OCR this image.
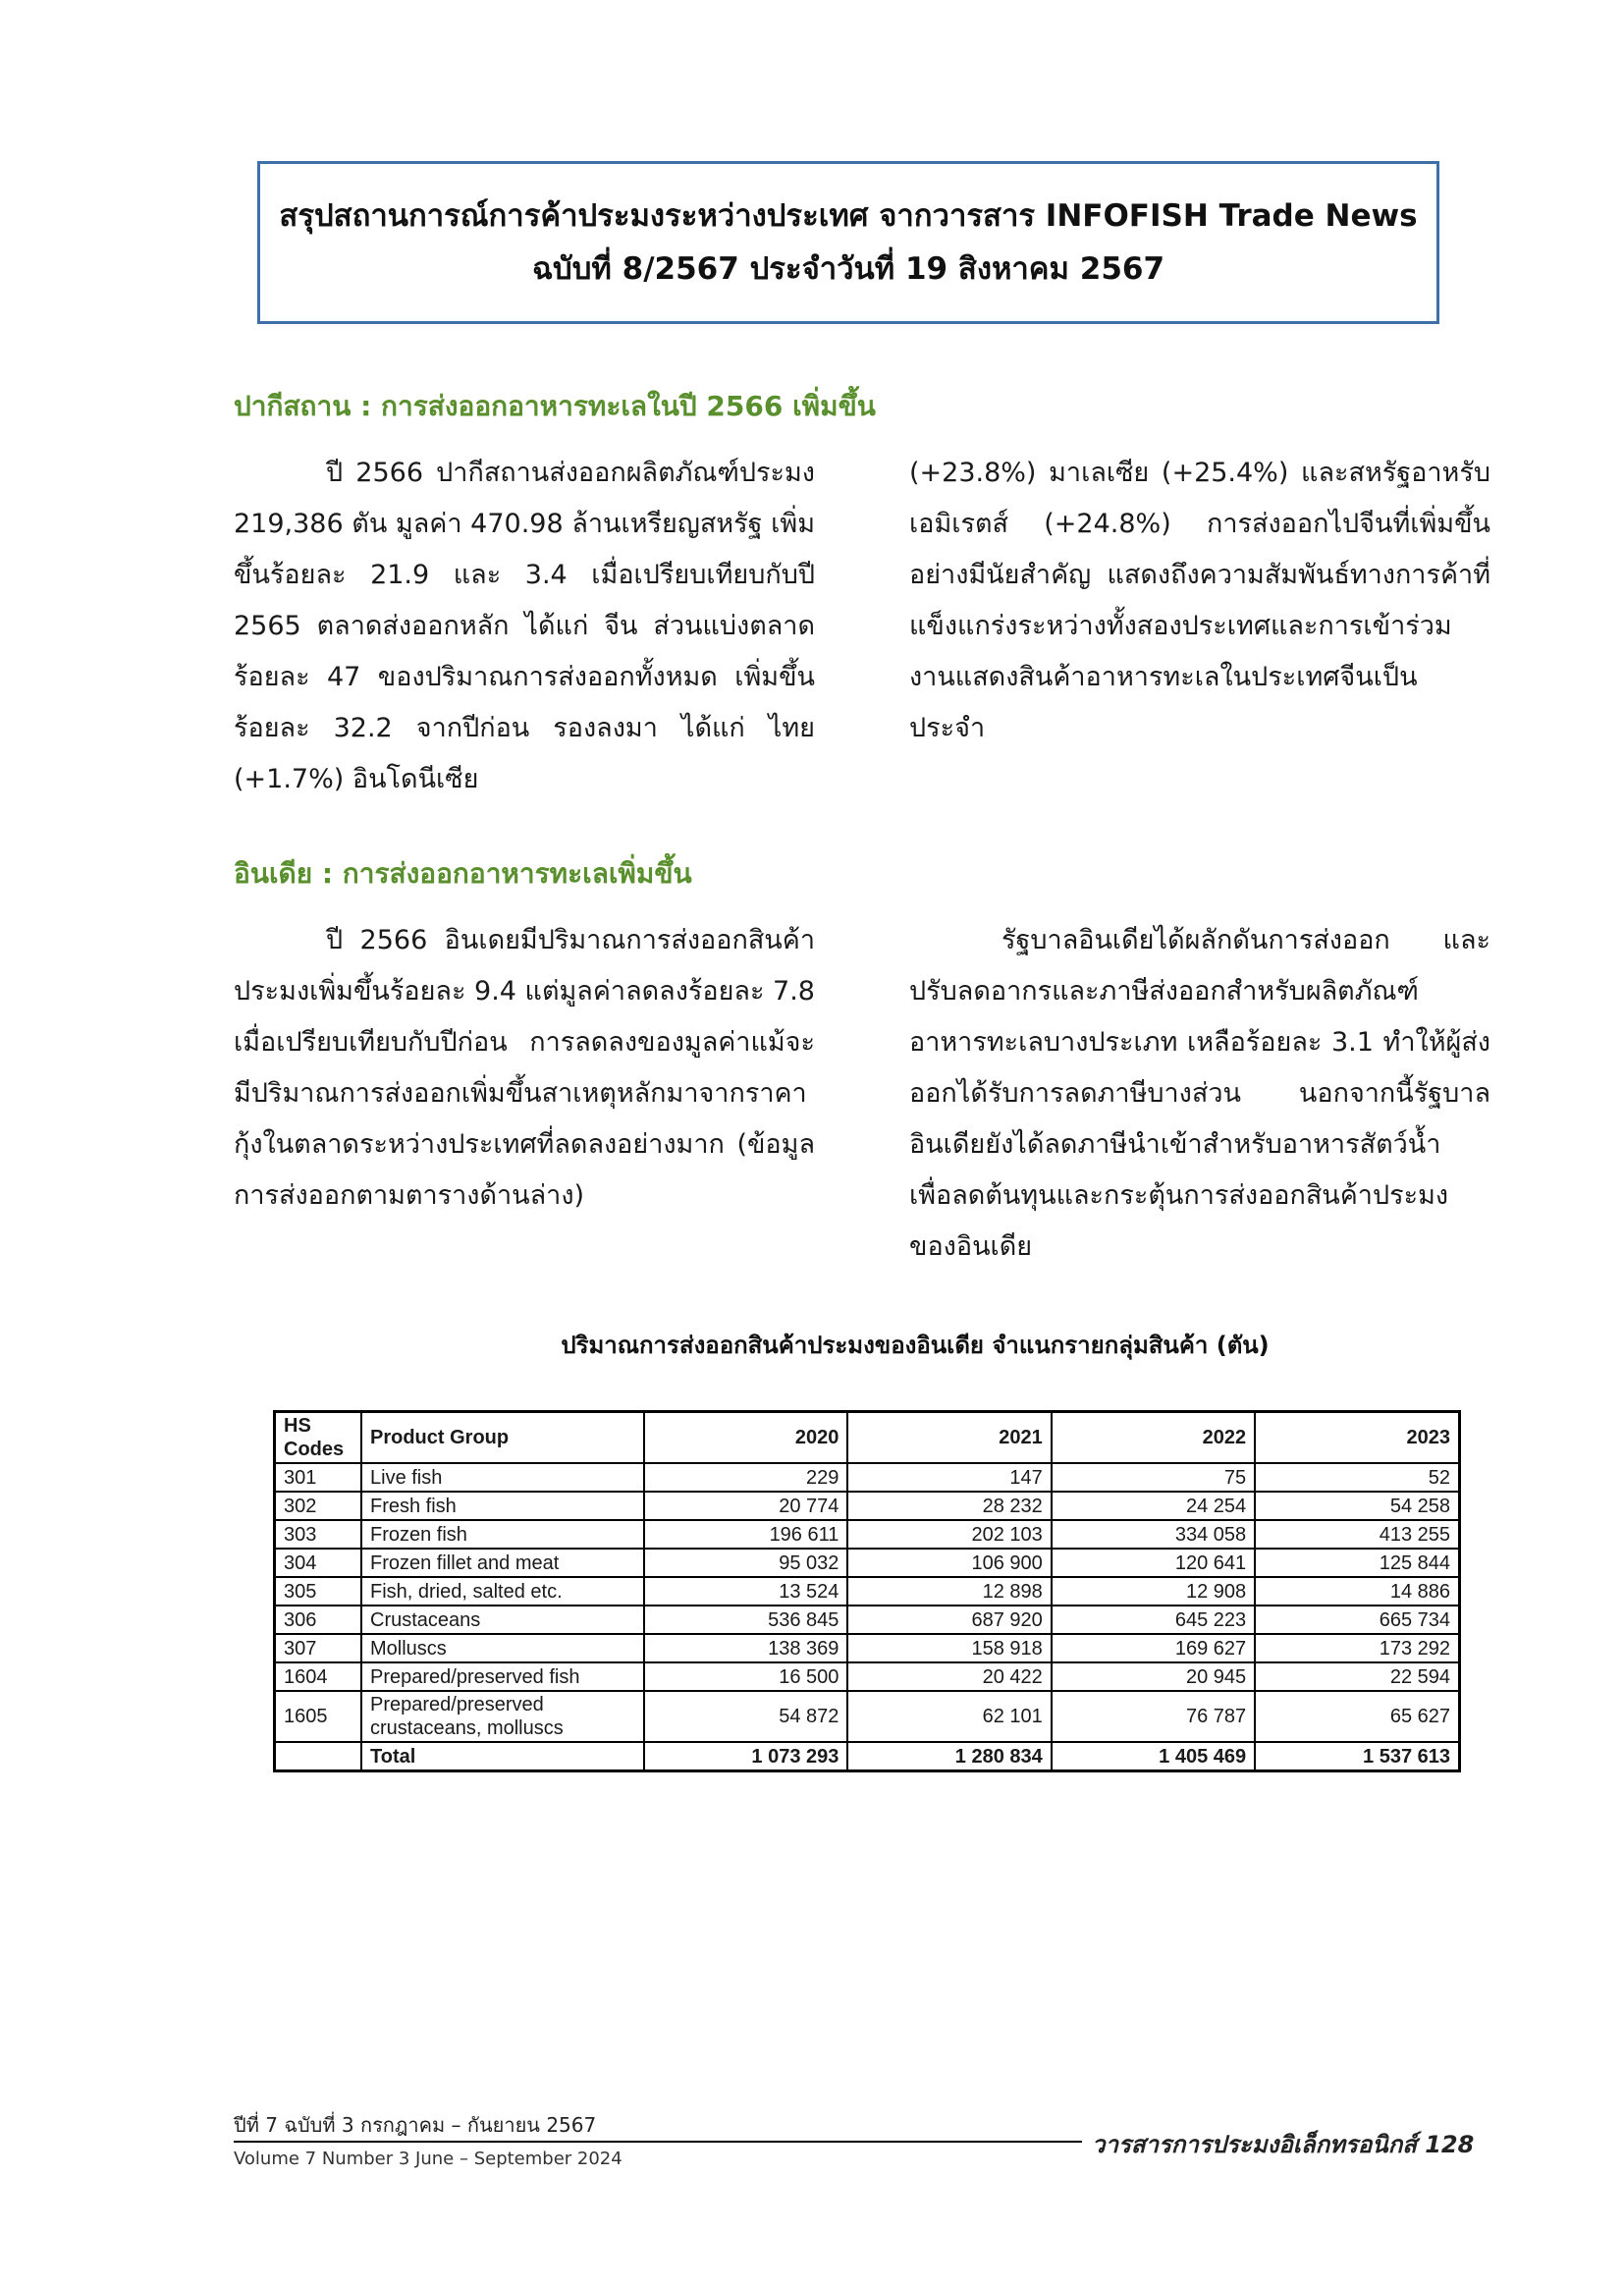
สรุปสถานการณ์การค้าประมงระหว่างประเทศ จากวารสาร INFOFISH Trade News
ฉบับที่ 8/2567 ประจำวันที่ 19 สิงหาคม 2567
ปากีสถาน : การส่งออกอาหารทะเลในปี 2566 เพิ่มขึ้น
ปี 2566 ปากีสถานส่งออกผลิตภัณฑ์ประมง 219,386 ตัน มูลค่า 470.98 ล้านเหรียญสหรัฐ เพิ่มขึ้นร้อยละ 21.9 และ 3.4 เมื่อเปรียบเทียบกับปี 2565 ตลาดส่งออกหลัก ได้แก่ จีน ส่วนแบ่งตลาดร้อยละ 47 ของปริมาณการส่งออกทั้งหมด เพิ่มขึ้นร้อยละ 32.2 จากปีก่อน รองลงมา ได้แก่ ไทย (+1.7%) อินโดนีเซีย
(+23.8%) มาเลเซีย (+25.4%) และสหรัฐอาหรับเอมิเรตส์ (+24.8%) การส่งออกไปจีนที่เพิ่มขึ้นอย่างมีนัยสำคัญ แสดงถึงความสัมพันธ์ทางการค้าที่แข็งแกร่งระหว่างทั้งสองประเทศและการเข้าร่วมงานแสดงสินค้าอาหารทะเลในประเทศจีนเป็นประจำ
อินเดีย : การส่งออกอาหารทะเลเพิ่มขึ้น
ปี 2566 อินเดยมีปริมาณการส่งออกสินค้าประมงเพิ่มขึ้นร้อยละ 9.4 แต่มูลค่าลดลงร้อยละ 7.8 เมื่อเปรียบเทียบกับปีก่อน การลดลงของมูลค่าแม้จะมีปริมาณการส่งออกเพิ่มขึ้นสาเหตุหลักมาจากราคากุ้งในตลาดระหว่างประเทศที่ลดลงอย่างมาก (ข้อมูลการส่งออกตามตารางด้านล่าง)
รัฐบาลอินเดียได้ผลักดันการส่งออก และปรับลดอากรและภาษีส่งออกสำหรับผลิตภัณฑ์อาหารทะเลบางประเภท เหลือร้อยละ 3.1 ทำให้ผู้ส่งออกได้รับการลดภาษีบางส่วน นอกจากนี้รัฐบาลอินเดียยังได้ลดภาษีนำเข้าสำหรับอาหารสัตว์น้ำ เพื่อลดต้นทุนและกระตุ้นการส่งออกสินค้าประมงของอินเดีย
ปริมาณการส่งออกสินค้าประมงของอินเดีย จำแนกรายกลุ่มสินค้า (ตัน)
HS Codes	Product Group	2020	2021	2022	2023
301	Live fish	229	147	75	52
302	Fresh fish	20 774	28 232	24 254	54 258
303	Frozen fish	196 611	202 103	334 058	413 255
304	Frozen fillet and meat	95 032	106 900	120 641	125 844
305	Fish, dried, salted etc.	13 524	12 898	12 908	14 886
306	Crustaceans	536 845	687 920	645 223	665 734
307	Molluscs	138 369	158 918	169 627	173 292
1604	Prepared/preserved fish	16 500	20 422	20 945	22 594
1605	Prepared/preserved crustaceans, molluscs	54 872	62 101	76 787	65 627
	Total	1 073 293	1 280 834	1 405 469	1 537 613
ปีที่ 7 ฉบับที่ 3 กรกฎาคม – กันยายน 2567
Volume 7 Number 3 June – September 2024
วารสารการประมงอิเล็กทรอนิกส์ 128
